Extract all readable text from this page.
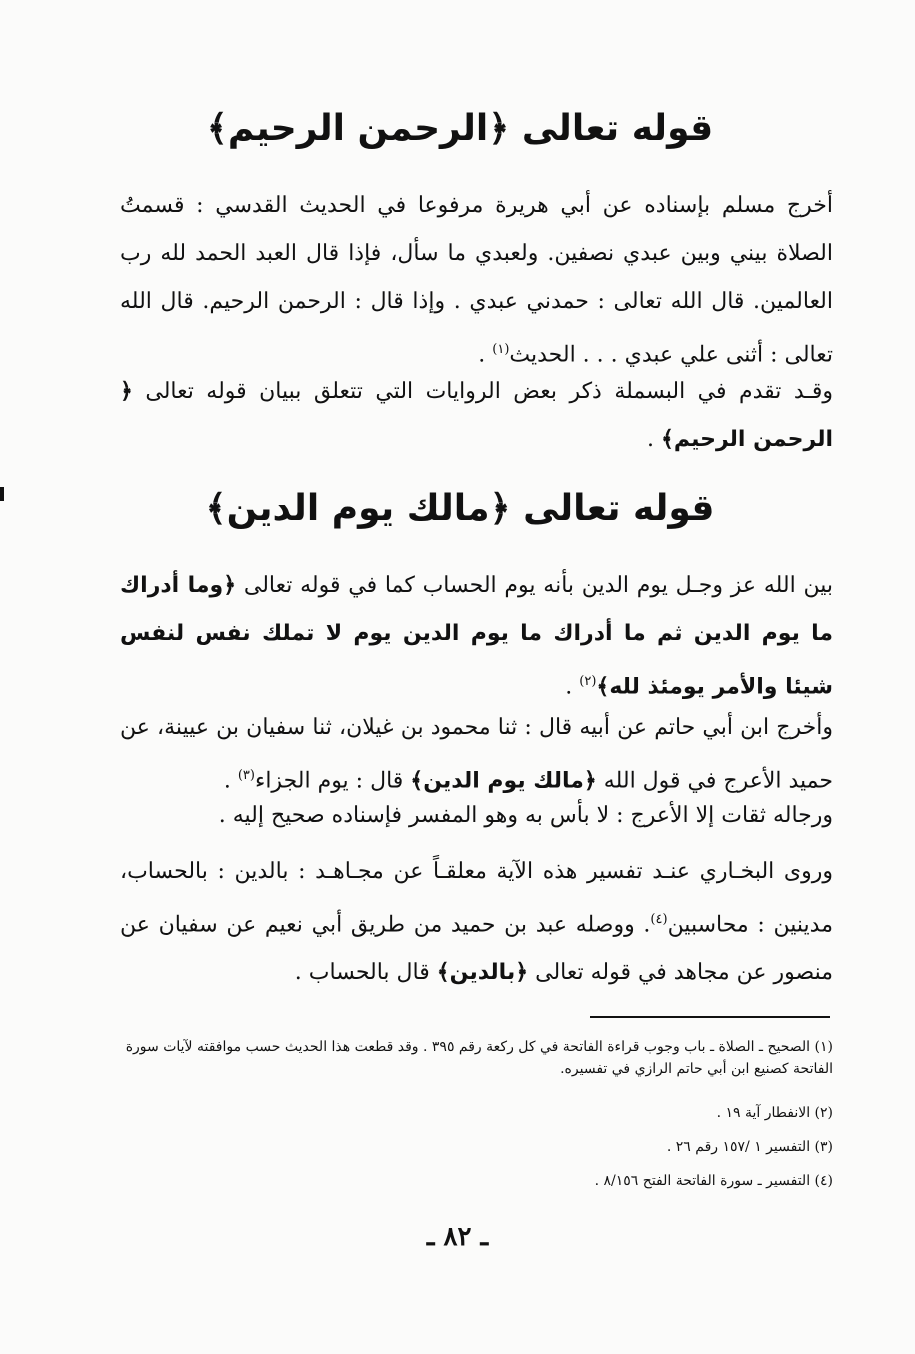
قوله تعالى ﴿الرحمن الرحيم﴾
أخرج مسلم بإسناده عن أبي هريرة مرفوعا في الحديث القدسي : قسمتُ الصلاة بيني وبين عبدي نصفين. ولعبدي ما سأل، فإذا قال العبد الحمد لله رب العالمين. قال الله تعالى : حمدني عبدي . وإذا قال : الرحمن الرحيم. قال الله تعالى : أثنى علي عبدي . . . الحديث$^{(١)}$ .
وقـد تقدم في البسملة ذكر بعض الروايات التي تتعلق ببيان قوله تعالى ﴿ الرحمن الرحيم﴾ .
قوله تعالى ﴿مالك يوم الدين﴾
بين الله عز وجـل يوم الدين بأنه يوم الحساب كما في قوله تعالى ﴿وما أدراك ما يوم الدين ثم ما أدراك ما يوم الدين يوم لا تملك نفس لنفس شيئا والأمر يومئذ لله﴾$^{(٢)}$ .
وأخرج ابن أبي حاتم عن أبيه قال : ثنا محمود بن غيلان، ثنا سفيان بن عيينة، عن حميد الأعرج في قول الله ﴿مالك يوم الدين﴾ قال : يوم الجزاء$^{(٣)}$ .
ورجاله ثقات إلا الأعرج : لا بأس به وهو المفسر فإسناده صحيح إليه .
وروى البخـاري عنـد تفسير هذه الآية معلقـاً عن مجـاهـد : بالدين : بالحساب، مدينين : محاسبين$^{(٤)}$. ووصله عبد بن حميد من طريق أبي نعيم عن سفيان عن منصور عن مجاهد في قوله تعالى ﴿بالدين﴾ قال بالحساب .
(١) الصحيح ـ الصلاة ـ باب وجوب قراءة الفاتحة في كل ركعة رقم ٣٩٥ . وقد قطعت هذا الحديث حسب موافقته لآيات سورة الفاتحة كصنيع ابن أبي حاتم الرازي في تفسيره.
(٢) الانفطار آية ١٩ .
(٣) التفسير ١ /١٥٧ رقم ٢٦ .
(٤) التفسير ـ سورة الفاتحة الفتح ٨/١٥٦ .
ـ ٨٢ ـ
